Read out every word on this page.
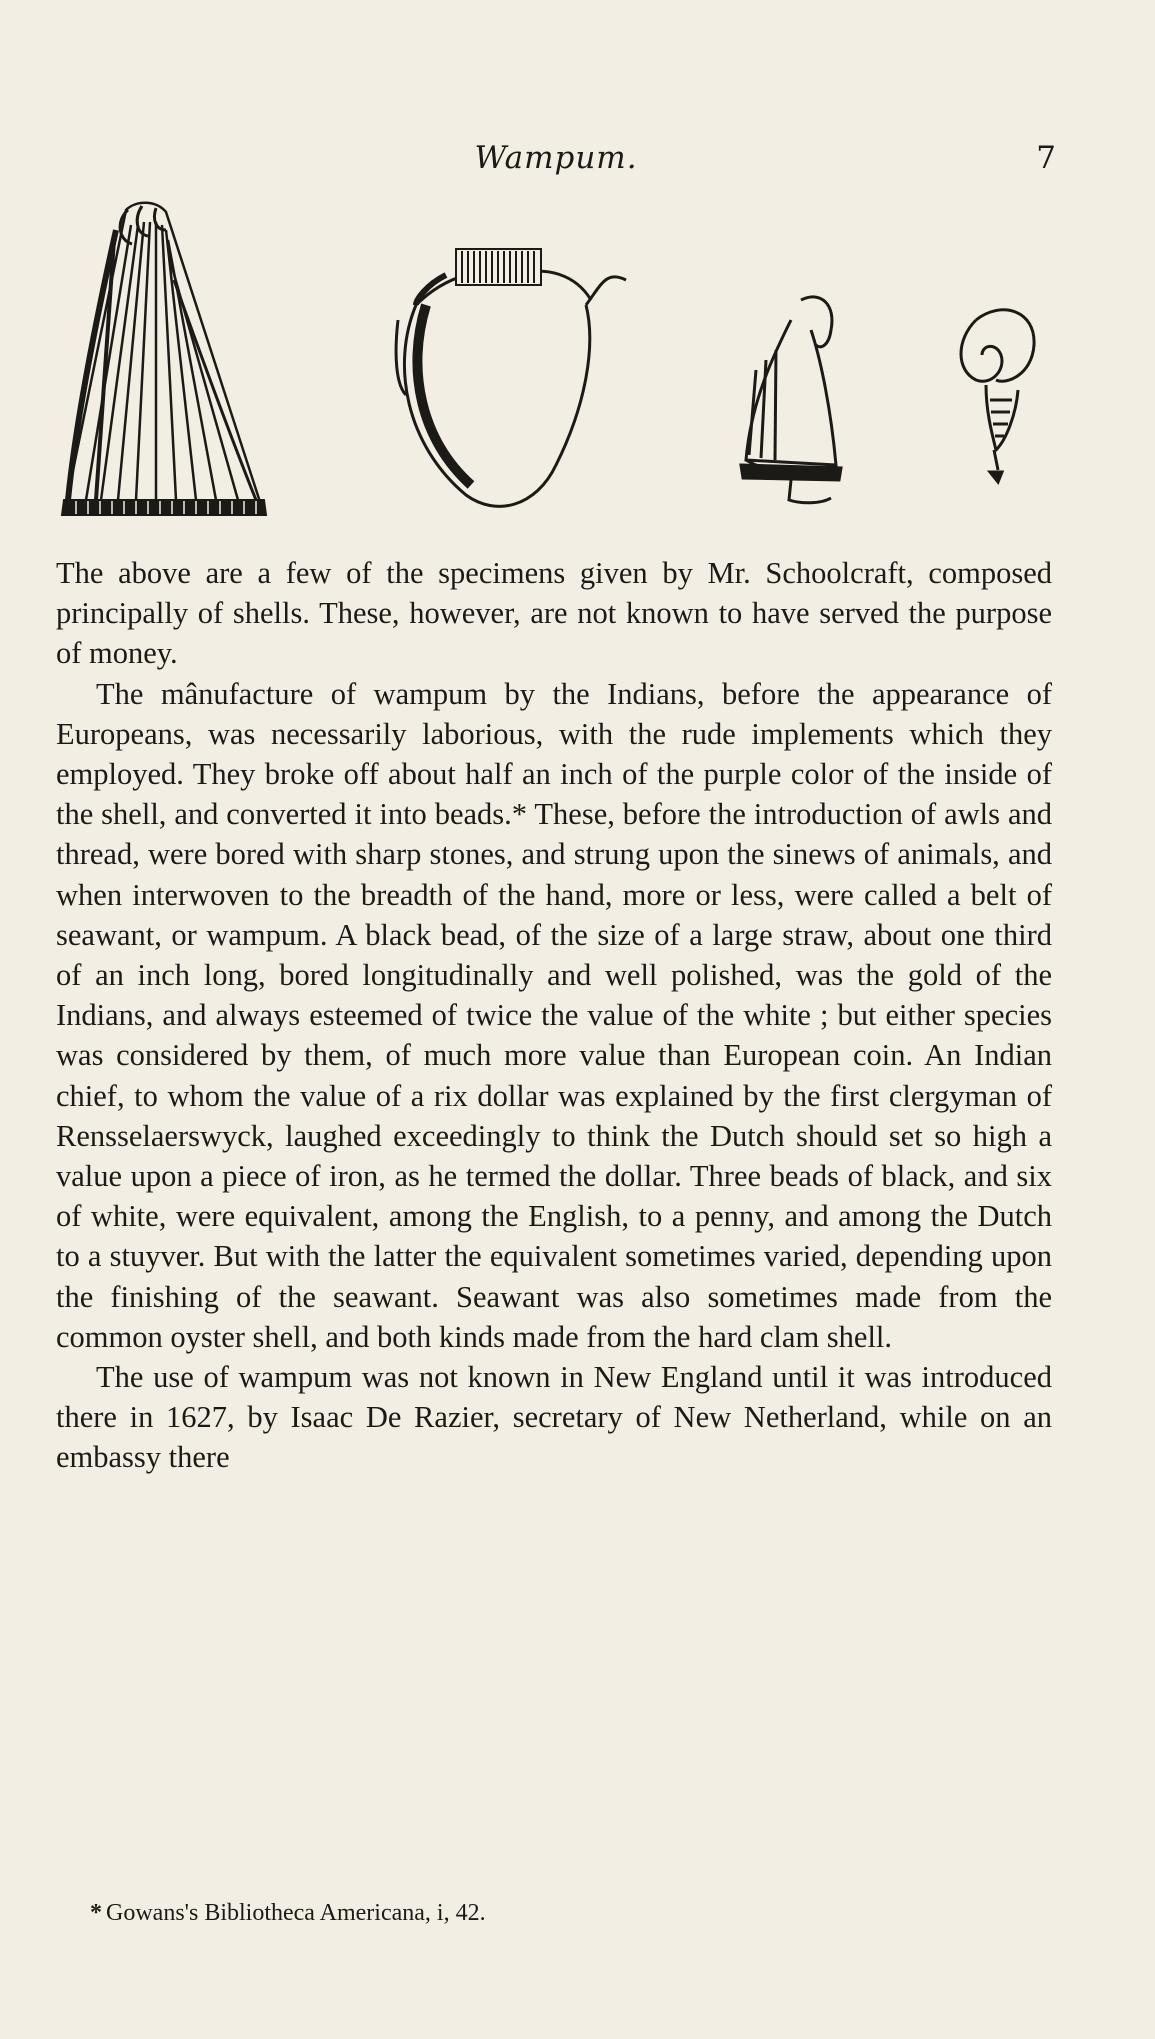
Wampum.	7

The above are a few of the specimens given by Mr. Schoolcraft, composed principally of shells. These, however, are not known to have served the purpose of money.

The mânufacture of wampum by the Indians, before the appearance of Europeans, was necessarily laborious, with the rude implements which they employed. They broke off about half an inch of the purple color of the inside of the shell, and converted it into beads.* These, before the introduction of awls and thread, were bored with sharp stones, and strung upon the sinews of animals, and when interwoven to the breadth of the hand, more or less, were called a belt of seawant, or wampum. A black bead, of the size of a large straw, about one third of an inch long, bored longitudinally and well polished, was the gold of the Indians, and always esteemed of twice the value of the white ; but either species was considered by them, of much more value than European coin. An Indian chief, to whom the value of a rix dollar was explained by the first clergyman of Rensselaerswyck, laughed exceedingly to think the Dutch should set so high a value upon a piece of iron, as he termed the dollar. Three beads of black, and six of white, were equivalent, among the English, to a penny, and among the Dutch to a stuyver. But with the latter the equivalent sometimes varied, depending upon the finishing of the seawant. Seawant was also sometimes made from the common oyster shell, and both kinds made from the hard clam shell.

The use of wampum was not known in New England until it was introduced there in 1627, by Isaac De Razier, secretary of New Netherland, while on an embassy there

* Gowans's Bibliotheca Americana, i, 42.
